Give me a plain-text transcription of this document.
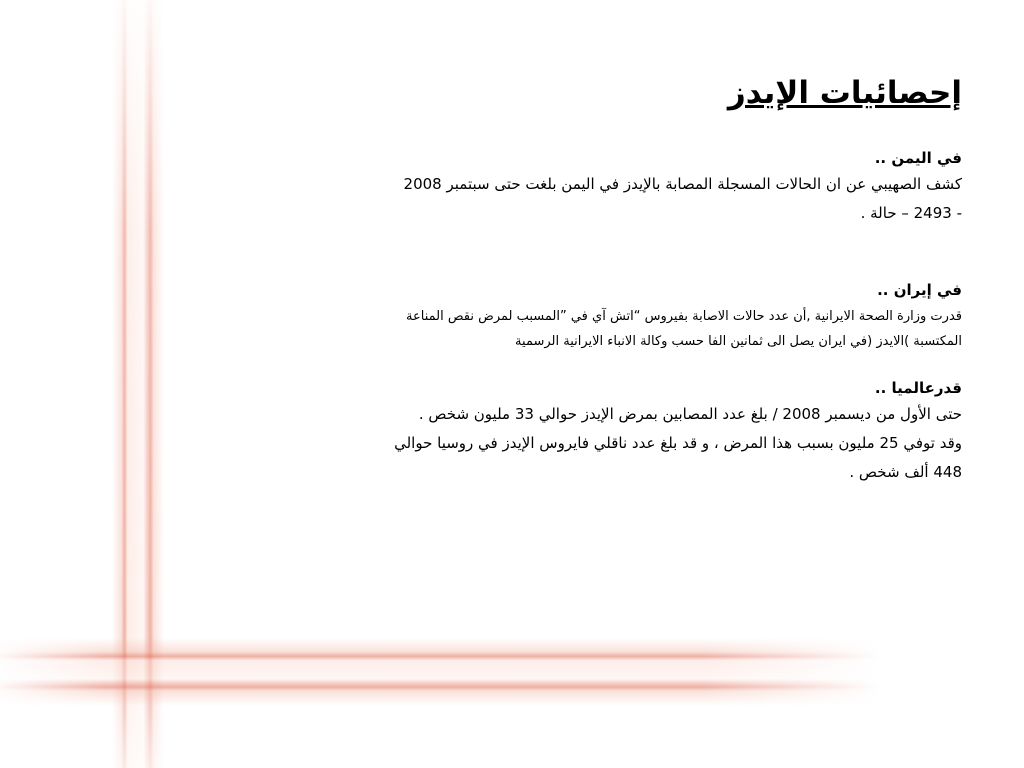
إحصائيات الإيدز

في اليمن ..

كشف الصهيبي عن ان الحالات المسجلة المصابة بالإيدز في اليمن بلغت حتى سبتمبر 2008

- 2493 – حالة .

في إيران ..

قدرت وزارة الصحة الايرانية ,أن عدد حالات الاصابة بفيروس “اتش آي في ”المسبب لمرض نقص المناعة

المكتسبة )الايدز (في ايران يصل الى ثمانين الفا حسب وكالة الانباء الايرانية الرسمية

قدرعالميا ..

حتى الأول من ديسمبر 2008 / بلغ عدد المصابين بمرض الإيدز حوالي 33 مليون شخص .

وقد توفي 25 مليون بسبب هذا المرض ، و قد بلغ عدد ناقلي فايروس الإيدز في روسيا حوالي

448 ألف شخص .
